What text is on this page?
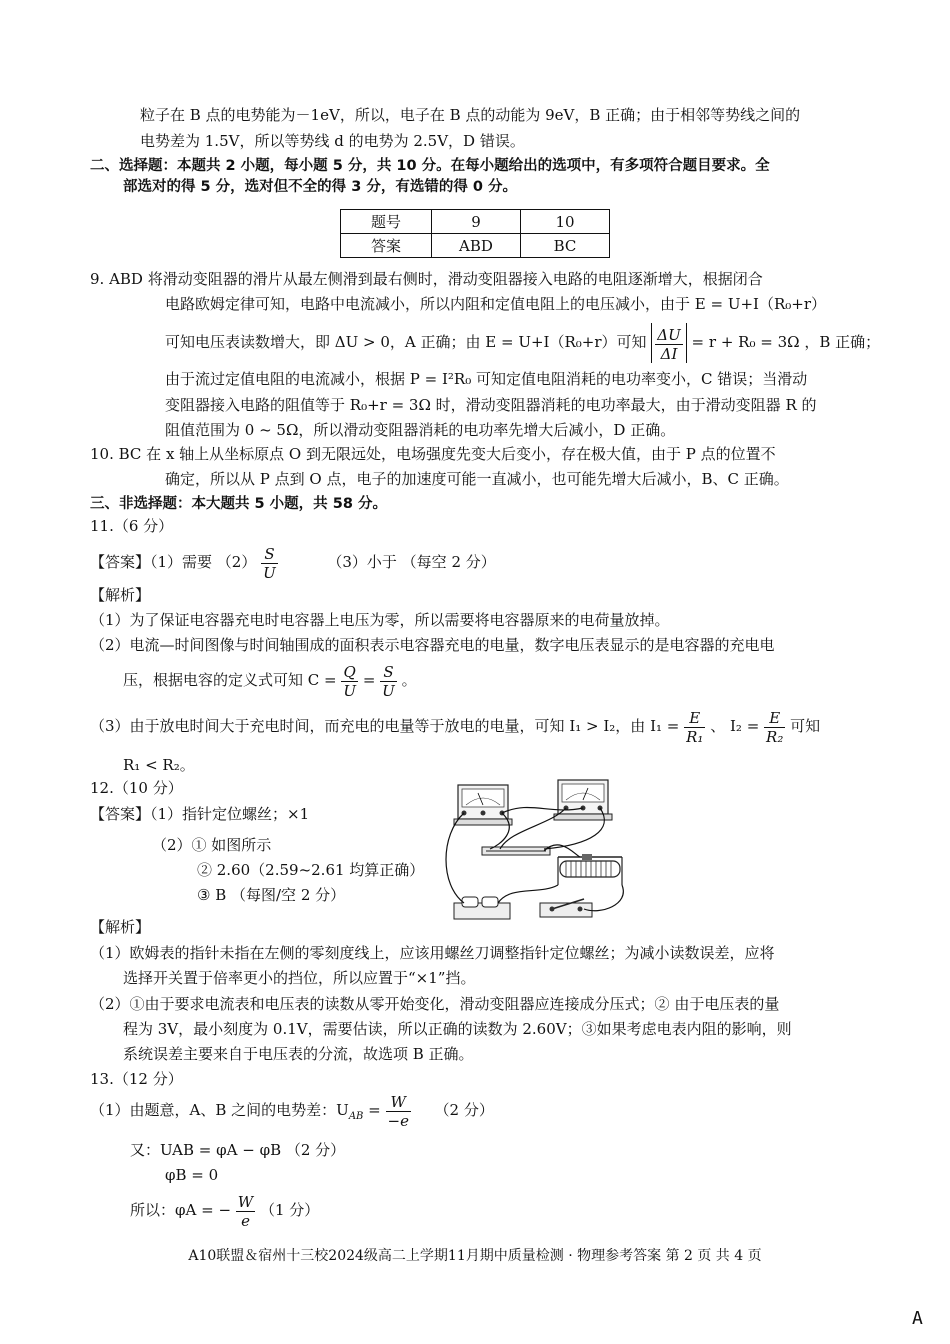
粒子在 B 点的电势能为－1eV，所以，电子在 B 点的动能为 9eV，B 正确；由于相邻等势线之间的
电势差为 1.5V，所以等势线 d 的电势为 2.5V，D 错误。
二、选择题：本题共 2 小题，每小题 5 分，共 10 分。在每小题给出的选项中，有多项符合题目要求。全
部选对的得 5 分，选对但不全的得 3 分，有选错的得 0 分。
题号	9	10
答案	ABD	BC
9. ABD 将滑动变阻器的滑片从最左侧滑到最右侧时，滑动变阻器接入电路的电阻逐渐增大，根据闭合
电路欧姆定律可知，电路中电流减小，所以内阻和定值电阻上的电压减小，由于 E = U+I（R₀+r）
可知电压表读数增大，即 ΔU > 0，A 正确；由 E = U+I（R₀+r）可知 $\frac{\Delta U}{\Delta I} = r + R_0 = 3\Omega$ ，B 正确；
由于流过定值电阻的电流减小，根据 P = I²R₀ 可知定值电阻消耗的电功率变小，C 错误；当滑动
变阻器接入电路的阻值等于 R₀+r = 3Ω 时，滑动变阻器消耗的电功率最大，由于滑动变阻器 R 的
阻值范围为 0 ~ 5Ω，所以滑动变阻器消耗的电功率先增大后减小，D 正确。
10. BC 在 x 轴上从坐标原点 O 到无限远处，电场强度先变大后变小，存在极大值，由于 P 点的位置不
确定，所以从 P 点到 O 点，电子的加速度可能一直减小，也可能先增大后减小，B、C 正确。
三、非选择题：本大题共 5 小题，共 58 分。
11.（6 分）
【答案】（1）需要 $(2) \frac{S}{U}$	（3）小于 （每空 2 分）
【解析】
（1）为了保证电容器充电时电容器上电压为零，所以需要将电容器原来的电荷量放掉。
（2）电流—时间图像与时间轴围成的面积表示电容器充电的电量，数字电压表显示的是电容器的充电电
压，根据电容的定义式可知 $C = \frac{Q}{U} = \frac{S}{U}$ 。
（3）由于放电时间大于充电时间，而充电的电量等于放电的电量，可知 I₁ > I₂，由 $I_1 = \frac{E}{\text{R₁}}$ 、 $I_2 = \frac{E}{\text{R₂}}$ 可知
R₁ < R₂。
12.（10 分）
【答案】（1）指针定位螺丝；×1
（2）① 如图所示
② 2.60（2.59~2.61 均算正确）
③ B （每图/空 2 分）
【解析】
（1）欧姆表的指针未指在左侧的零刻度线上，应该用螺丝刀调整指针定位螺丝；为减小读数误差，应将
选择开关置于倍率更小的挡位，所以应置于“×1”挡。
（2）①由于要求电流表和电压表的读数从零开始变化，滑动变阻器应连接成分压式；② 由于电压表的量
程为 3V，最小刻度为 0.1V，需要估读，所以正确的读数为 2.60V；③如果考虑电表内阻的影响，则
系统误差主要来自于电压表的分流，故选项 B 正确。
13.（12 分）
（1）由题意，A、B 之间的电势差：$U_{AB} = \frac{W}{-e} (2$ 分）
又：UAB = φA − φB （2 分）
φB = 0
所以：φA = − $\frac{W}{e} (1$ 分）
A10联盟＆宿州十三校2024级高二上学期11月期中质量检测 · 物理参考答案 第 2 页 共 4 页
A
